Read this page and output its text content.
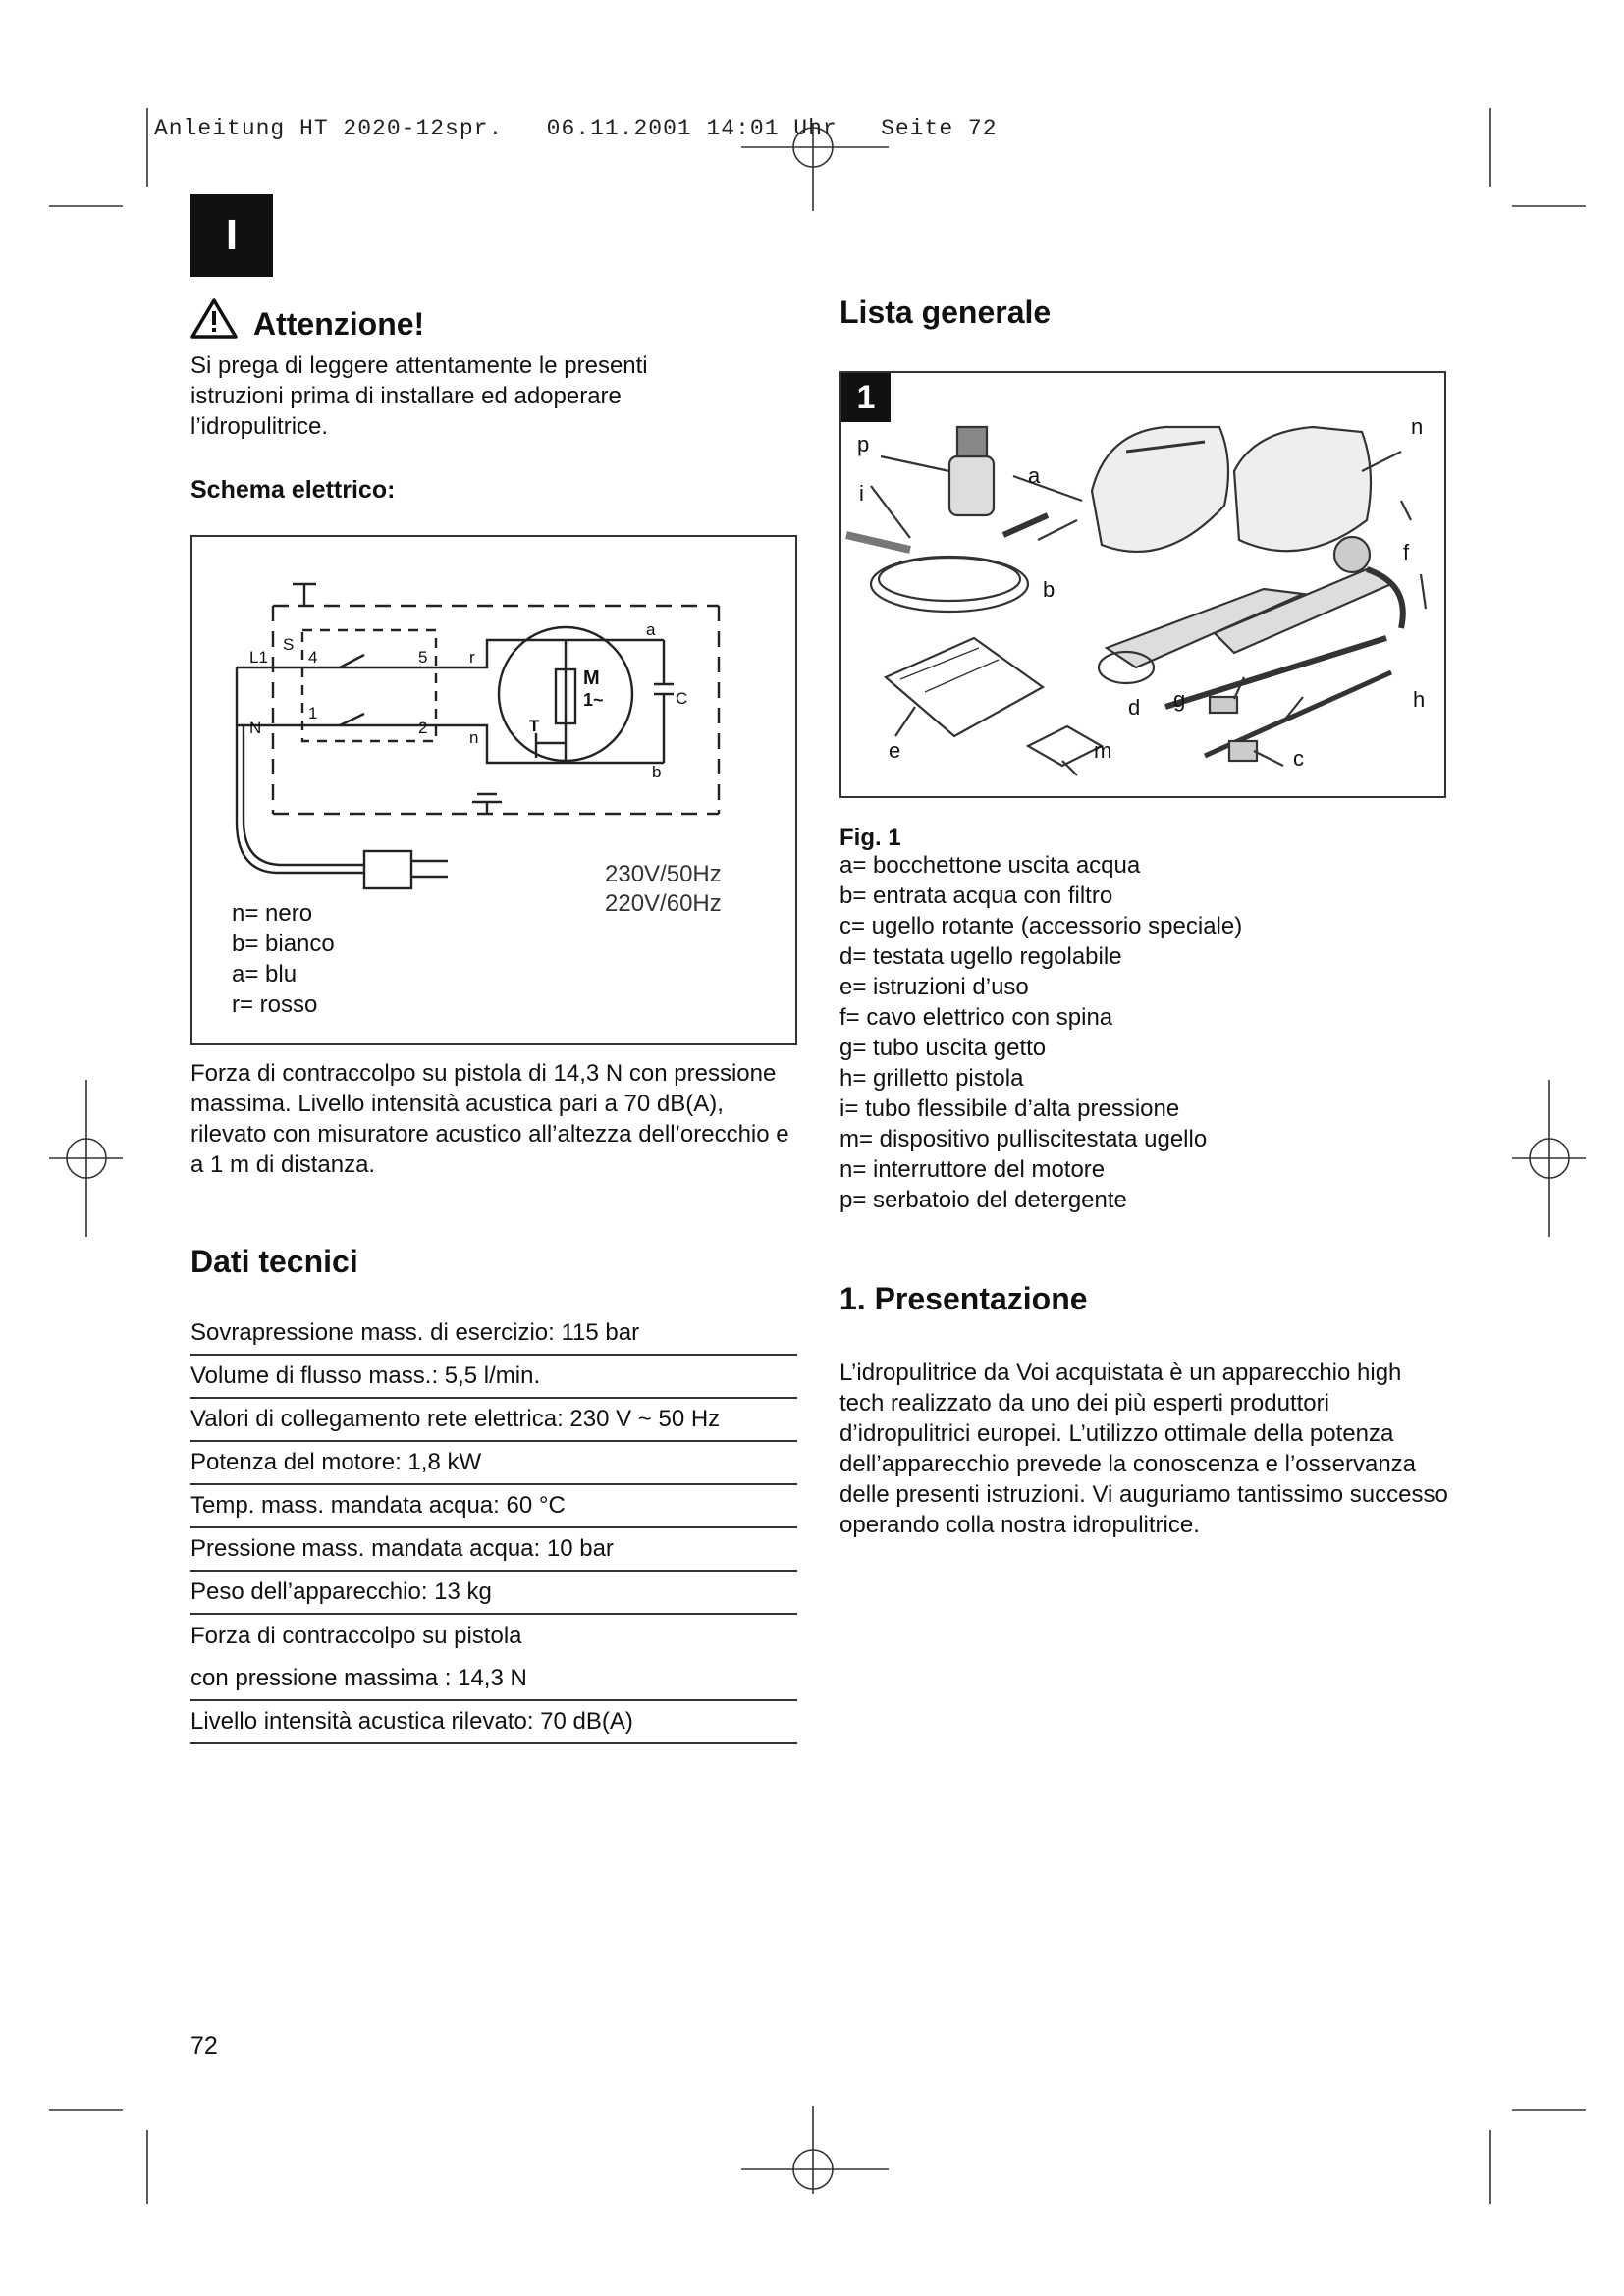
Anleitung HT 2020-12spr.   06.11.2001 14:01 Uhr   Seite 72
I
Attenzione!
Si prega di leggere attentamente le presenti istruzioni prima di installare ed adoperare l’idropulitrice.
Schema elettrico:
S
L1
N
4
1
5
2
r
n
a
b
C
T
M
1~
230V/50Hz
220V/60Hz
n= nero
b= bianco
a= blu
r= rosso
Forza di contraccolpo su pistola di 14,3 N con pressione massima. Livello intensità acustica pari a 70 dB(A), rilevato con misuratore acustico all’altezza dell’orecchio e a 1 m di distanza.
Dati tecnici
Sovrapressione mass. di esercizio: 115 bar
Volume di flusso mass.: 5,5 l/min.
Valori di collegamento rete elettrica: 230 V ~ 50 Hz
Potenza del motore: 1,8 kW
Temp. mass. mandata acqua: 60 °C
Pressione mass. mandata acqua: 10 bar
Peso dell’apparecchio: 13 kg
Forza di contraccolpo su pistola
con pressione massima : 14,3 N
Livello intensità acustica rilevato: 70 dB(A)
72
Lista generale
1
p
i
a
b
n
f
g
d	h
e	m	c
Fig. 1
a= bocchettone uscita acqua
b= entrata acqua con filtro
c= ugello rotante (accessorio speciale)
d= testata ugello regolabile
e= istruzioni d’uso
f= cavo elettrico con spina
g= tubo uscita getto
h= grilletto pistola
i= tubo flessibile d’alta pressione
m= dispositivo pulliscitestata ugello
n= interruttore del motore
p= serbatoio del detergente
1. Presentazione
L’idropulitrice da Voi acquistata è un apparecchio high tech realizzato da uno dei più esperti produttori d’idropulitrici europei. L’utilizzo ottimale della potenza dell’apparecchio prevede la conoscenza e l’osservanza delle presenti istruzioni. Vi auguriamo tantissimo successo operando colla nostra idropulitrice.
